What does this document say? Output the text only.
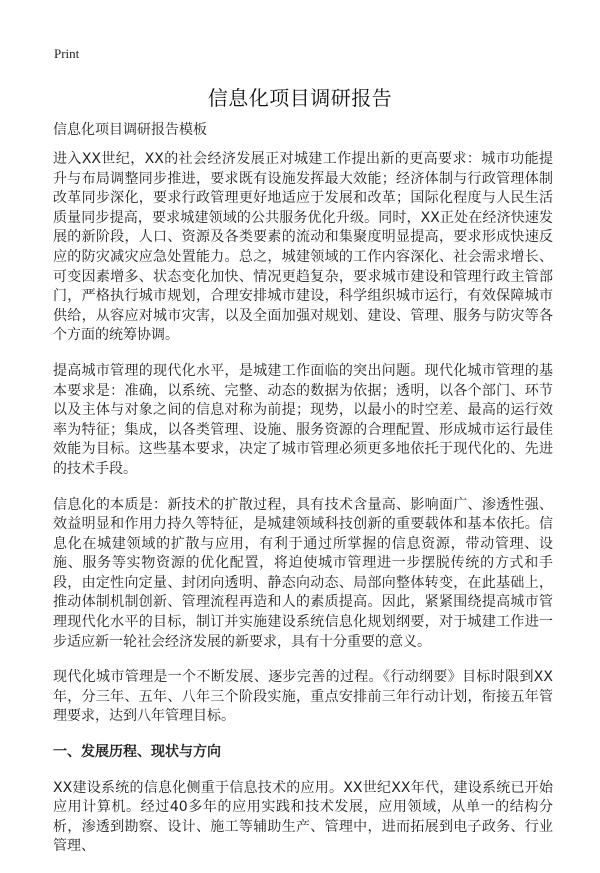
Print
信息化项目调研报告
信息化项目调研报告模板

进入XX世纪，XX的社会经济发展正对城建工作提出新的更高要求：城市功能提升与布局调整同步推进，要求既有设施发挥最大效能；经济体制与行政管理体制改革同步深化，要求行政管理更好地适应于发展和改革；国际化程度与人民生活质量同步提高，要求城建领域的公共服务优化升级。同时，XX正处在经济快速发展的新阶段，人口、资源及各类要素的流动和集聚度明显提高，要求形成快速反应的防灾减灾应急处置能力。总之，城建领域的工作内容深化、社会需求增长、可变因素增多、状态变化加快、情况更趋复杂，要求城市建设和管理行政主管部门，严格执行城市规划，合理安排城市建设，科学组织城市运行，有效保障城市供给，从容应对城市灾害，以及全面加强对规划、建设、管理、服务与防灾等各个方面的统筹协调。

提高城市管理的现代化水平，是城建工作面临的突出问题。现代化城市管理的基本要求是：准确，以系统、完整、动态的数据为依据；透明，以各个部门、环节以及主体与对象之间的信息对称为前提；现势，以最小的时空差、最高的运行效率为特征；集成，以各类管理、设施、服务资源的合理配置、形成城市运行最佳效能为目标。这些基本要求，决定了城市管理必须更多地依托于现代化的、先进的技术手段。

信息化的本质是：新技术的扩散过程，具有技术含量高、影响面广、渗透性强、效益明显和作用力持久等特征，是城建领域科技创新的重要载体和基本依托。信息化在城建领域的扩散与应用，有利于通过所掌握的信息资源，带动管理、设施、服务等实物资源的优化配置，将迫使城市管理进一步摆脱传统的方式和手段，由定性向定量、封闭向透明、静态向动态、局部向整体转变，在此基础上，推动体制机制创新、管理流程再造和人的素质提高。因此，紧紧围绕提高城市管理现代化水平的目标，制订并实施建设系统信息化规划纲要，对于城建工作进一步适应新一轮社会经济发展的新要求，具有十分重要的意义。

现代化城市管理是一个不断发展、逐步完善的过程。《行动纲要》目标时限到XX年，分三年、五年、八年三个阶段实施，重点安排前三年行动计划，衔接五年管理要求，达到八年管理目标。

一、发展历程、现状与方向

XX建设系统的信息化侧重于信息技术的应用。XX世纪XX年代，建设系统已开始应用计算机。经过40多年的应用实践和技术发展，应用领域，从单一的结构分析，渗透到勘察、设计、施工等辅助生产、管理中，进而拓展到电子政务、行业管理、
